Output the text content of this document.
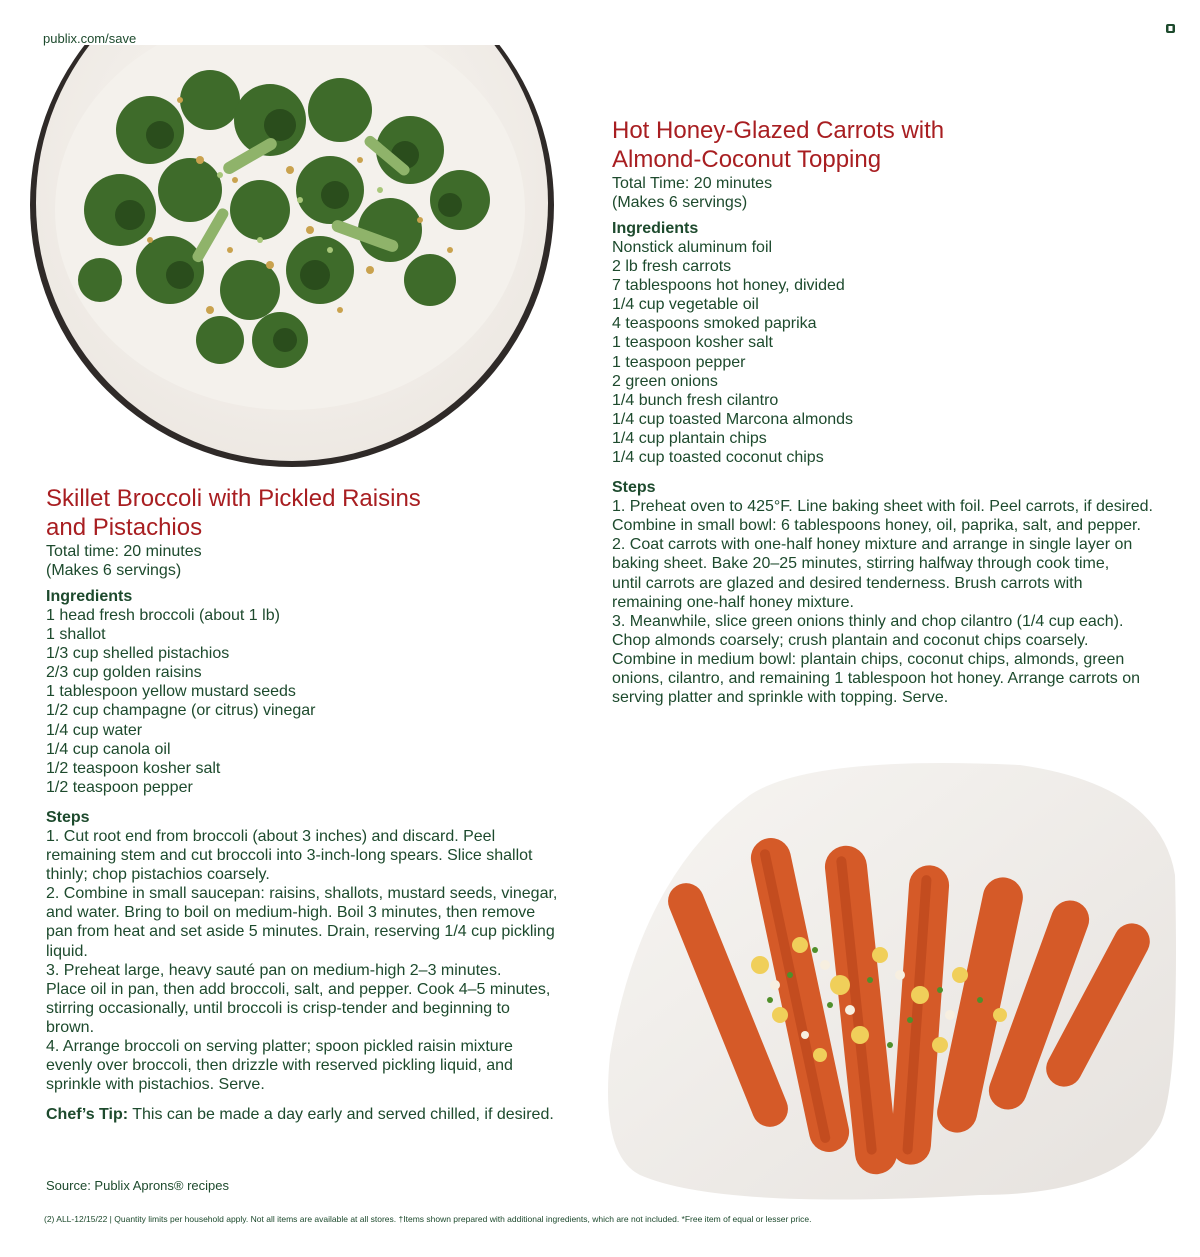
publix.com/save
Hot Honey-Glazed Carrots with
Almond-Coconut Topping
Total Time: 20 minutes
(Makes 6 servings)
Ingredients
Nonstick aluminum foil
2 lb fresh carrots
7 tablespoons hot honey, divided
1/4 cup vegetable oil
4 teaspoons smoked paprika
1 teaspoon kosher salt
1 teaspoon pepper
2 green onions
1/4 bunch fresh cilantro
1/4 cup toasted Marcona almonds
1/4 cup plantain chips
1/4 cup toasted coconut chips
Steps
1. Preheat oven to 425°F. Line baking sheet with foil. Peel carrots, if desired.
Combine in small bowl: 6 tablespoons honey, oil, paprika, salt, and pepper.
2. Coat carrots with one-half honey mixture and arrange in single layer on
baking sheet. Bake 20–25 minutes, stirring halfway through cook time,
until carrots are glazed and desired tenderness. Brush carrots with
remaining one-half honey mixture.
3. Meanwhile, slice green onions thinly and chop cilantro (1/4 cup each).
Chop almonds coarsely; crush plantain and coconut chips coarsely.
Combine in medium bowl: plantain chips, coconut chips, almonds, green
onions, cilantro, and remaining 1 tablespoon hot honey. Arrange carrots on
serving platter and sprinkle with topping. Serve.
Skillet Broccoli with Pickled Raisins
and Pistachios
Total time: 20 minutes
(Makes 6 servings)
Ingredients
1 head fresh broccoli (about 1 lb)
1 shallot
1/3 cup shelled pistachios
2/3 cup golden raisins
1 tablespoon yellow mustard seeds
1/2 cup champagne (or citrus) vinegar
1/4 cup water
1/4 cup canola oil
1/2 teaspoon kosher salt
1/2 teaspoon pepper
Steps
1. Cut root end from broccoli (about 3 inches) and discard. Peel
remaining stem and cut broccoli into 3-inch-long spears. Slice shallot
thinly; chop pistachios coarsely.
2. Combine in small saucepan: raisins, shallots, mustard seeds, vinegar,
and water. Bring to boil on medium-high. Boil 3 minutes, then remove
pan from heat and set aside 5 minutes. Drain, reserving 1/4 cup pickling
liquid.
3. Preheat large, heavy sauté pan on medium-high 2–3 minutes.
Place oil in pan, then add broccoli, salt, and pepper. Cook 4–5 minutes,
stirring occasionally, until broccoli is crisp-tender and beginning to
brown.
4. Arrange broccoli on serving platter; spoon pickled raisin mixture
evenly over broccoli, then drizzle with reserved pickling liquid, and
sprinkle with pistachios. Serve.
Chef’s Tip: This can be made a day early and served chilled, if desired.
Source: Publix Aprons® recipes
(2) ALL-12/15/22 | Quantity limits per household apply. Not all items are available at all stores. †Items shown prepared with additional ingredients, which are not included. *Free item of equal or lesser price.
